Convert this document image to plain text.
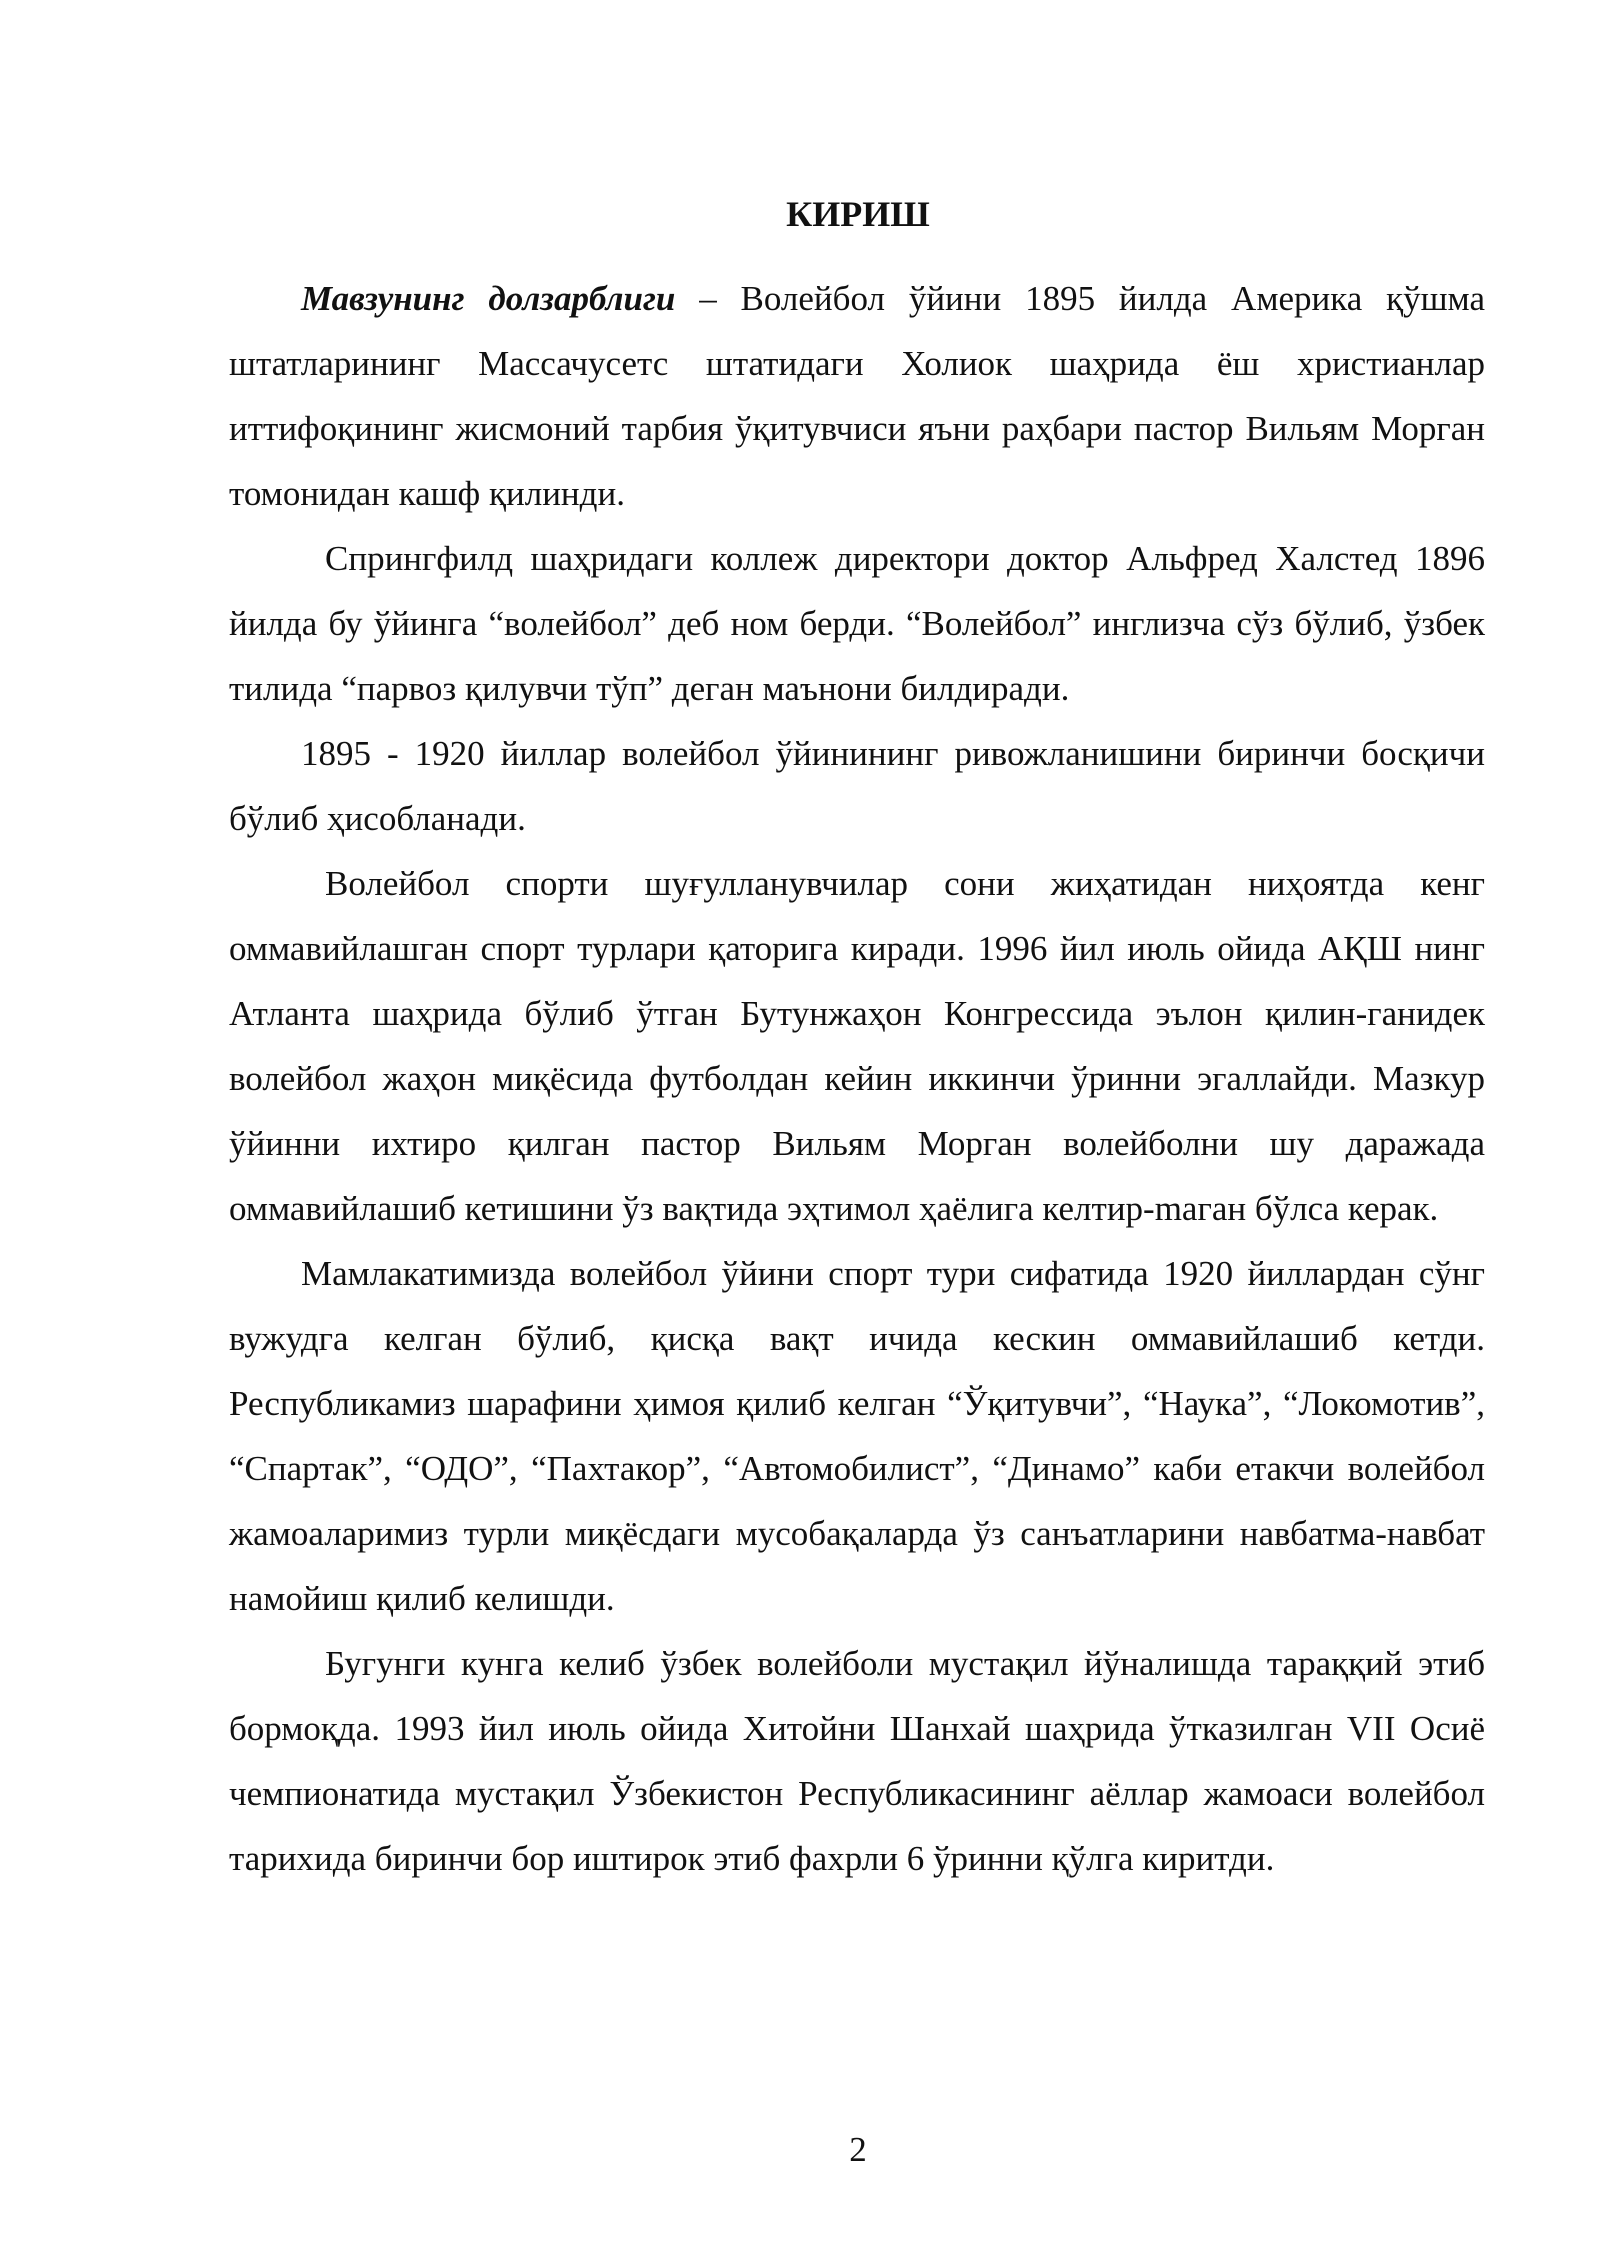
КИРИШ

Мавзунинг долзарблиги – Волейбол ўйини 1895 йилда Америка қўшма штатларининг Массачусетс штатидаги Холиок шаҳрида ёш христианлар иттифоқининг жисмоний тарбия ўқитувчиси яъни раҳбари пастор Вильям Морган томонидан кашф қилинди.

Спрингфилд шаҳридаги коллеж директори доктор Альфред Халстед 1896 йилда бу ўйинга “волейбол” деб ном берди. “Волейбол” инглизча сўз бўлиб, ўзбек тилида “парвоз қилувчи тўп” деган маънони билдиради.

1895 - 1920 йиллар волейбол ўйинининг ривожланишини биринчи босқичи бўлиб ҳисобланади.

Волейбол спорти шуғулланувчилар сони жиҳатидан ниҳоятда кенг оммавийлашган спорт турлари қаторига киради. 1996 йил июль ойида АҚШ нинг Атланта шаҳрида бўлиб ўтган Бутунжаҳон Конгрессида эълон қилин-ганидек волейбол жаҳон миқёсида футболдан кейин иккинчи ўринни эгаллайди. Мазкур ўйинни ихтиро қилган пастор Вильям Морган волейболни шу даражада оммавийлашиб кетишини ўз вақтида эҳтимол ҳаёлига келтир-mаган бўлса керак.

Мамлакатимизда волейбол ўйини спорт тури сифатида 1920 йиллардан сўнг вужудга келган бўлиб, қисқа вақт ичида кескин оммавийлашиб кетди. Республикамиз шарафини ҳимоя қилиб келган “Ўқитувчи”, “Наука”, “Локомотив”, “Спартак”, “ОДО”, “Пахтакор”, “Автомобилист”, “Динамо” каби етакчи волейбол жамоаларимиз турли миқёсдаги мусобақаларда ўз санъатларини навбатма-навбат намойиш қилиб келишди.

Бугунги кунга келиб ўзбек волейболи мустақил йўналишда тараққий этиб бормоқда. 1993 йил июль ойида Хитойни Шанхай шаҳрида ўтказилган VII Осиё чемпионатида мустақил Ўзбекистон Республикасининг аёллар жамоаси волейбол тарихида биринчи бор иштирок этиб фахрли 6 ўринни қўлга киритди.

2
